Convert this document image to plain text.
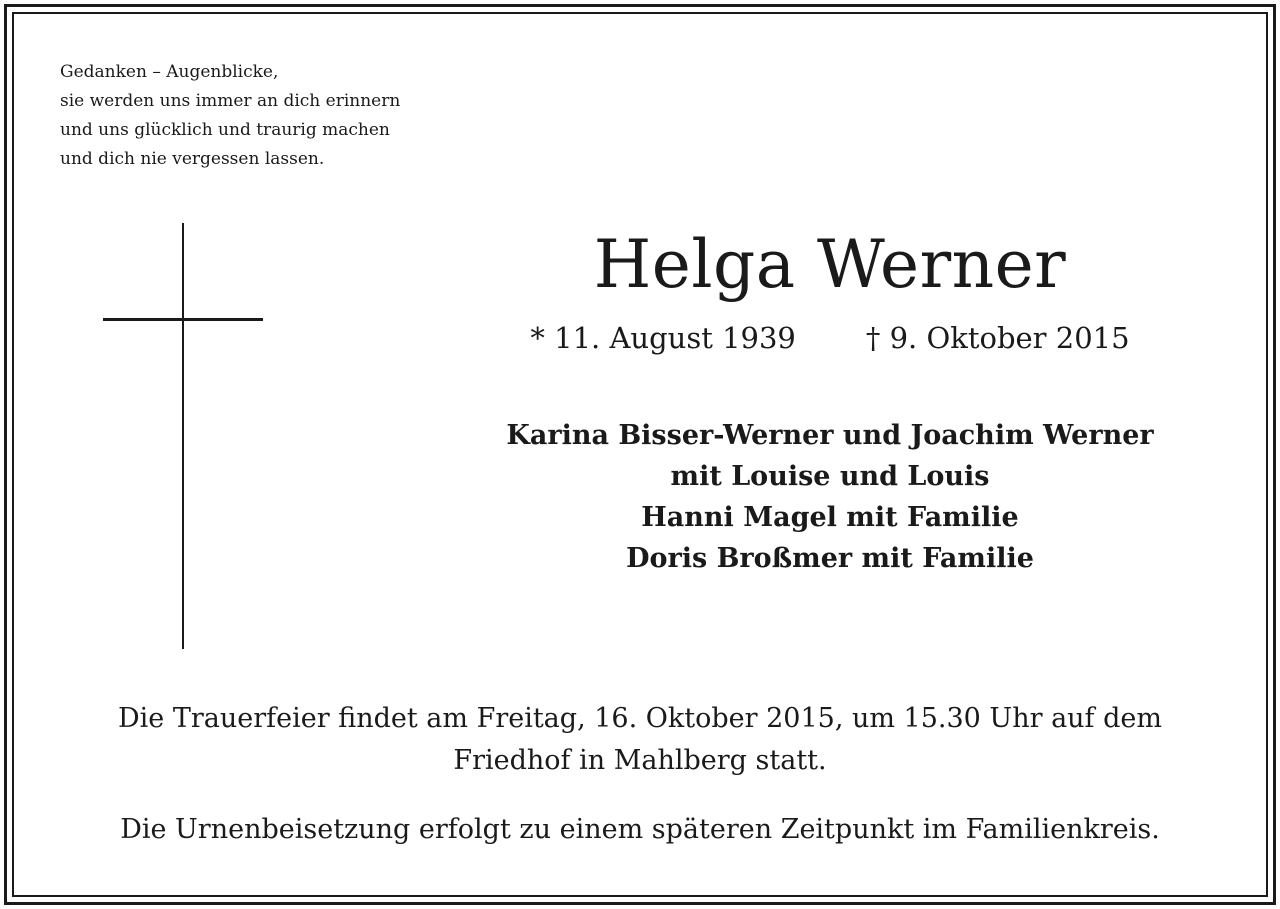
Gedanken – Augenblicke,
sie werden uns immer an dich erinnern
und uns glücklich und traurig machen
und dich nie vergessen lassen.
Helga Werner
* 11. August 1939 † 9. Oktober 2015
Karina Bisser-Werner und Joachim Werner
mit Louise und Louis
Hanni Magel mit Familie
Doris Broßmer mit Familie
Die Trauerfeier findet am Freitag, 16. Oktober 2015, um 15.30 Uhr auf dem
Friedhof in Mahlberg statt.
Die Urnenbeisetzung erfolgt zu einem späteren Zeitpunkt im Familienkreis.
